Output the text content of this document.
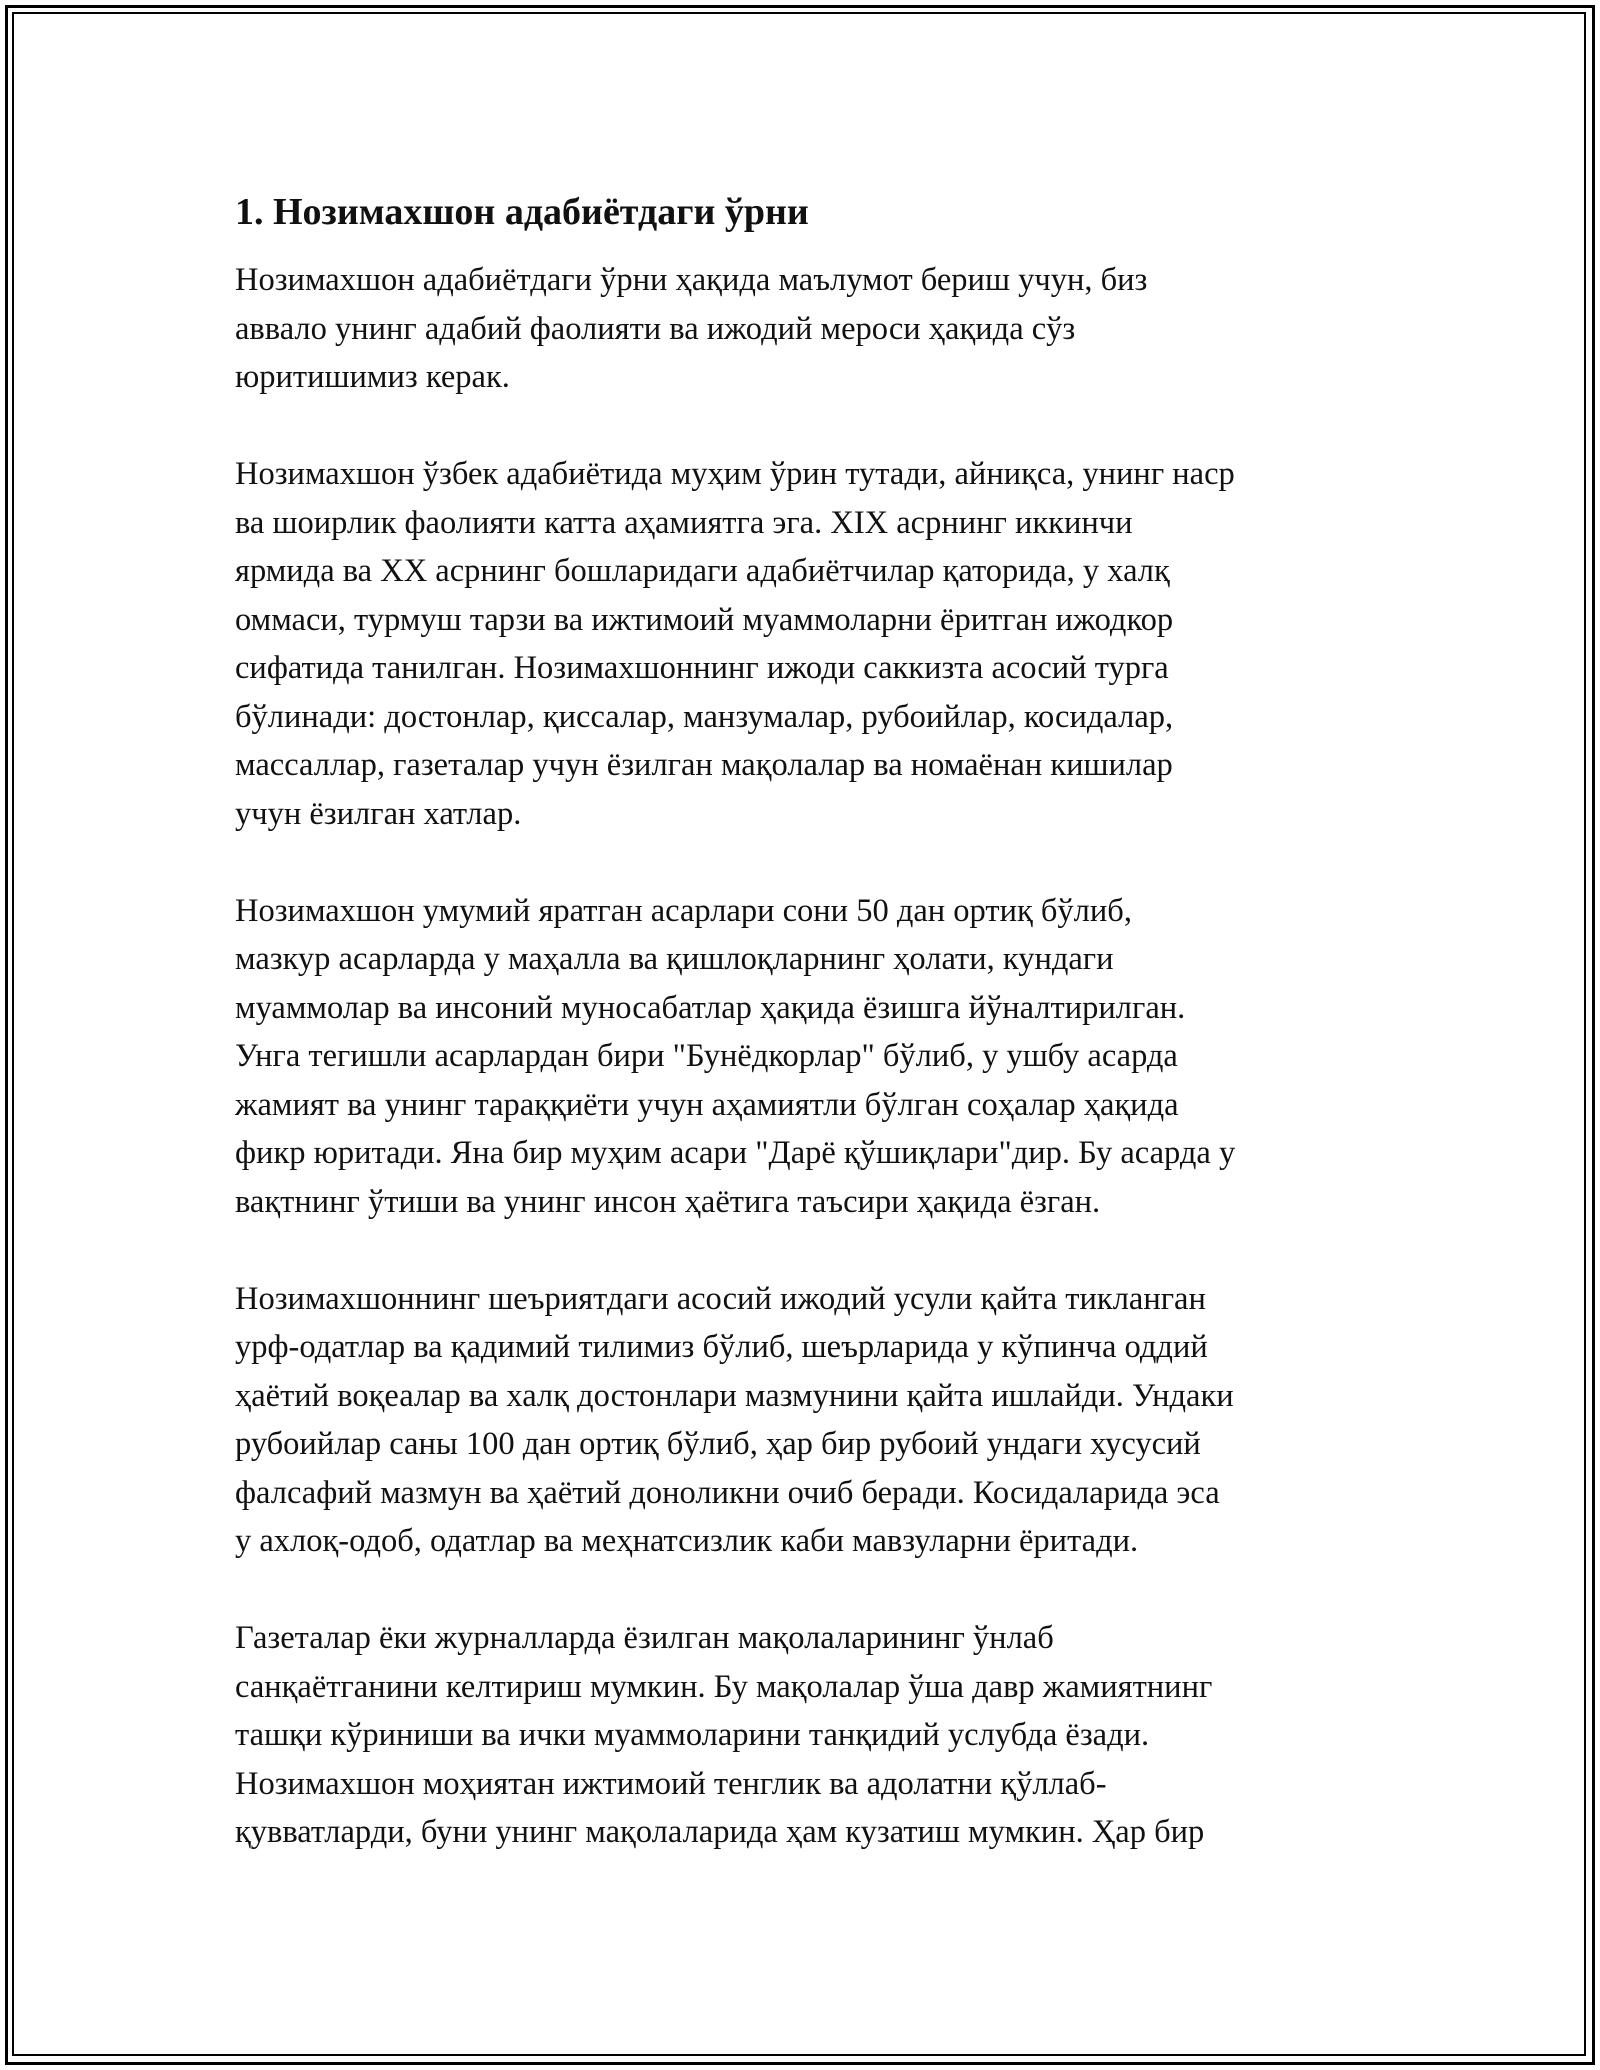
1. Нозимахшон адабиётдаги ўрни
Нозимахшон адабиётдаги ўрни ҳақида маълумот бериш учун, биз
аввало унинг адабий фаолияти ва ижодий мероси ҳақида сўз
юритишимиз керак.
Нозимахшон ўзбек адабиётида муҳим ўрин тутади, айниқса, унинг наср
ва шоирлик фаолияти катта аҳамиятга эга. XIX асрнинг иккинчи
ярмида ва XX асрнинг бошларидаги адабиётчилар қаторида, у халқ
оммаси, турмуш тарзи ва ижтимоий муаммоларни ёритган ижодкор
сифатида танилган. Нозимахшоннинг ижоди саккизта асосий турга
бўлинади: достонлар, қиссалар, манзумалар, рубоийлар, косидалар,
массаллар, газеталар учун ёзилган мақолалар ва номаёнан кишилар
учун ёзилган хатлар.
Нозимахшон умумий яратган асарлари сони 50 дан ортиқ бўлиб,
мазкур асарларда у маҳалла ва қишлоқларнинг ҳолати, кундаги
муаммолар ва инсоний муносабатлар ҳақида ёзишга йўналтирилган.
Унга тегишли асарлардан бири "Бунёдкорлар" бўлиб, у ушбу асарда
жамият ва унинг тараққиёти учун аҳамиятли бўлган соҳалар ҳақида
фикр юритади. Яна бир муҳим асари "Дарё қўшиқлари"дир. Бу асарда у
вақтнинг ўтиши ва унинг инсон ҳаётига таъсири ҳақида ёзган.
Нозимахшоннинг шеъриятдаги асосий ижодий усули қайта тикланган
урф-одатлар ва қадимий тилимиз бўлиб, шеърларида у кўпинча оддий
ҳаётий воқеалар ва халқ достонлари мазмунини қайта ишлайди. Ундаки
рубоийлар саны 100 дан ортиқ бўлиб, ҳар бир рубоий ундаги хусусий
фалсафий мазмун ва ҳаётий доноликни очиб беради. Косидаларида эса
у ахлоқ-одоб, одатлар ва меҳнатсизлик каби мавзуларни ёритади.
Газеталар ёки журналларда ёзилган мақолаларининг ўнлаб
санқаётганини келтириш мумкин. Бу мақолалар ўша давр жамиятнинг
ташқи кўриниши ва ички муаммоларини танқидий услубда ёзади.
Нозимахшон моҳиятан ижтимоий тенглик ва адолатни қўллаб-
қувватларди, буни унинг мақолаларида ҳам кузатиш мумкин. Ҳар бир
